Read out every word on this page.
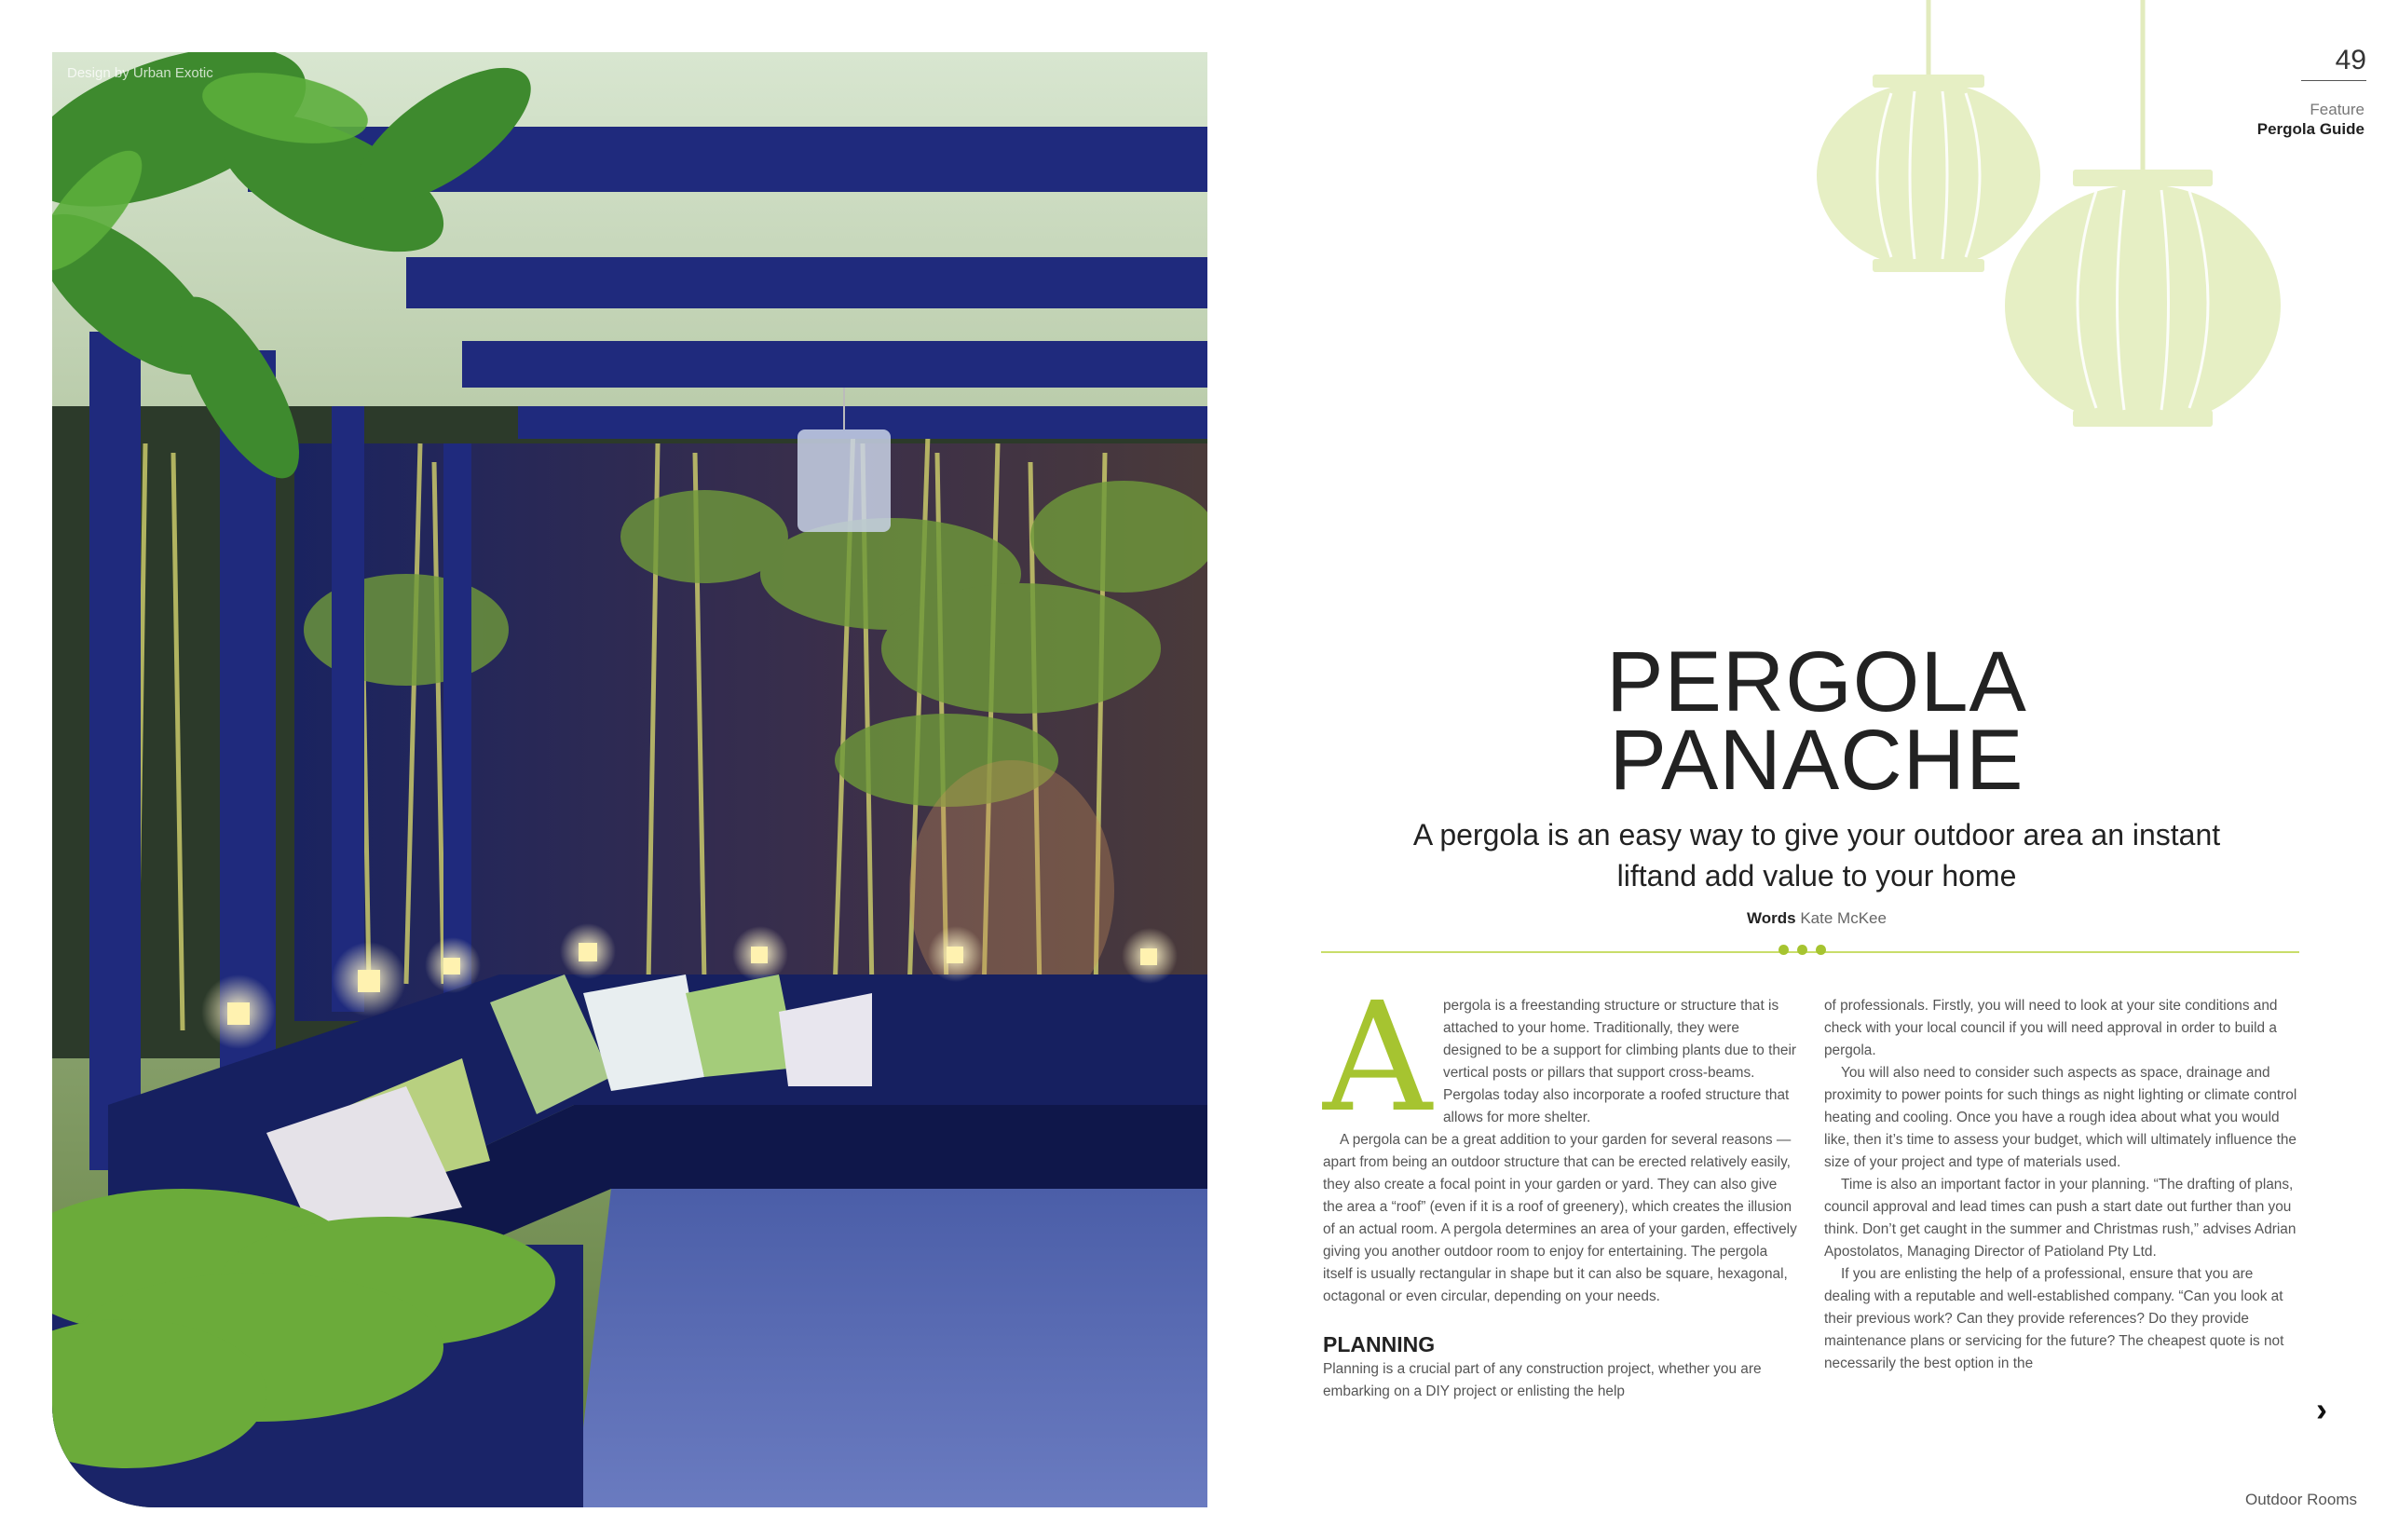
Design by Urban Exotic	49
Feature
Pergola Guide
PERGOLA
PANACHE
A pergola is an easy way to give your outdoor area an instant liftand add value to your home
Words Kate McKee
A pergola is a freestanding structure or structure that is attached to your home. Traditionally, they were designed to be a support for climbing plants due to their vertical posts or pillars that support cross-beams. Pergolas today also incorporate a roofed structure that allows for more shelter.

A pergola can be a great addition to your garden for several reasons — apart from being an outdoor structure that can be erected relatively easily, they also create a focal point in your garden or yard. They can also give the area a “roof” (even if it is a roof of greenery), which creates the illusion of an actual room. A pergola determines an area of your garden, effectively giving you another outdoor room to enjoy for entertaining. The pergola itself is usually rectangular in shape but it can also be square, hexagonal, octagonal or even circular, depending on your needs.

PLANNING

Planning is a crucial part of any construction project, whether you are embarking on a DIY project or enlisting the help

of professionals. Firstly, you will need to look at your site conditions and check with your local council if you will need approval in order to build a pergola.

You will also need to consider such aspects as space, drainage and proximity to power points for such things as night lighting or climate control heating and cooling. Once you have a rough idea about what you would like, then it’s time to assess your budget, which will ultimately influence the size of your project and type of materials used.

Time is also an important factor in your planning. “The drafting of plans, council approval and lead times can push a start date out further than you think. Don’t get caught in the summer and Christmas rush,” advises Adrian Apostolatos, Managing Director of Patioland Pty Ltd.

If you are enlisting the help of a professional, ensure that you are dealing with a reputable and well-established company. “Can you look at their previous work? Can they provide references? Do they provide maintenance plans or servicing for the future? The cheapest quote is not necessarily the best option in the

›
Outdoor Rooms
